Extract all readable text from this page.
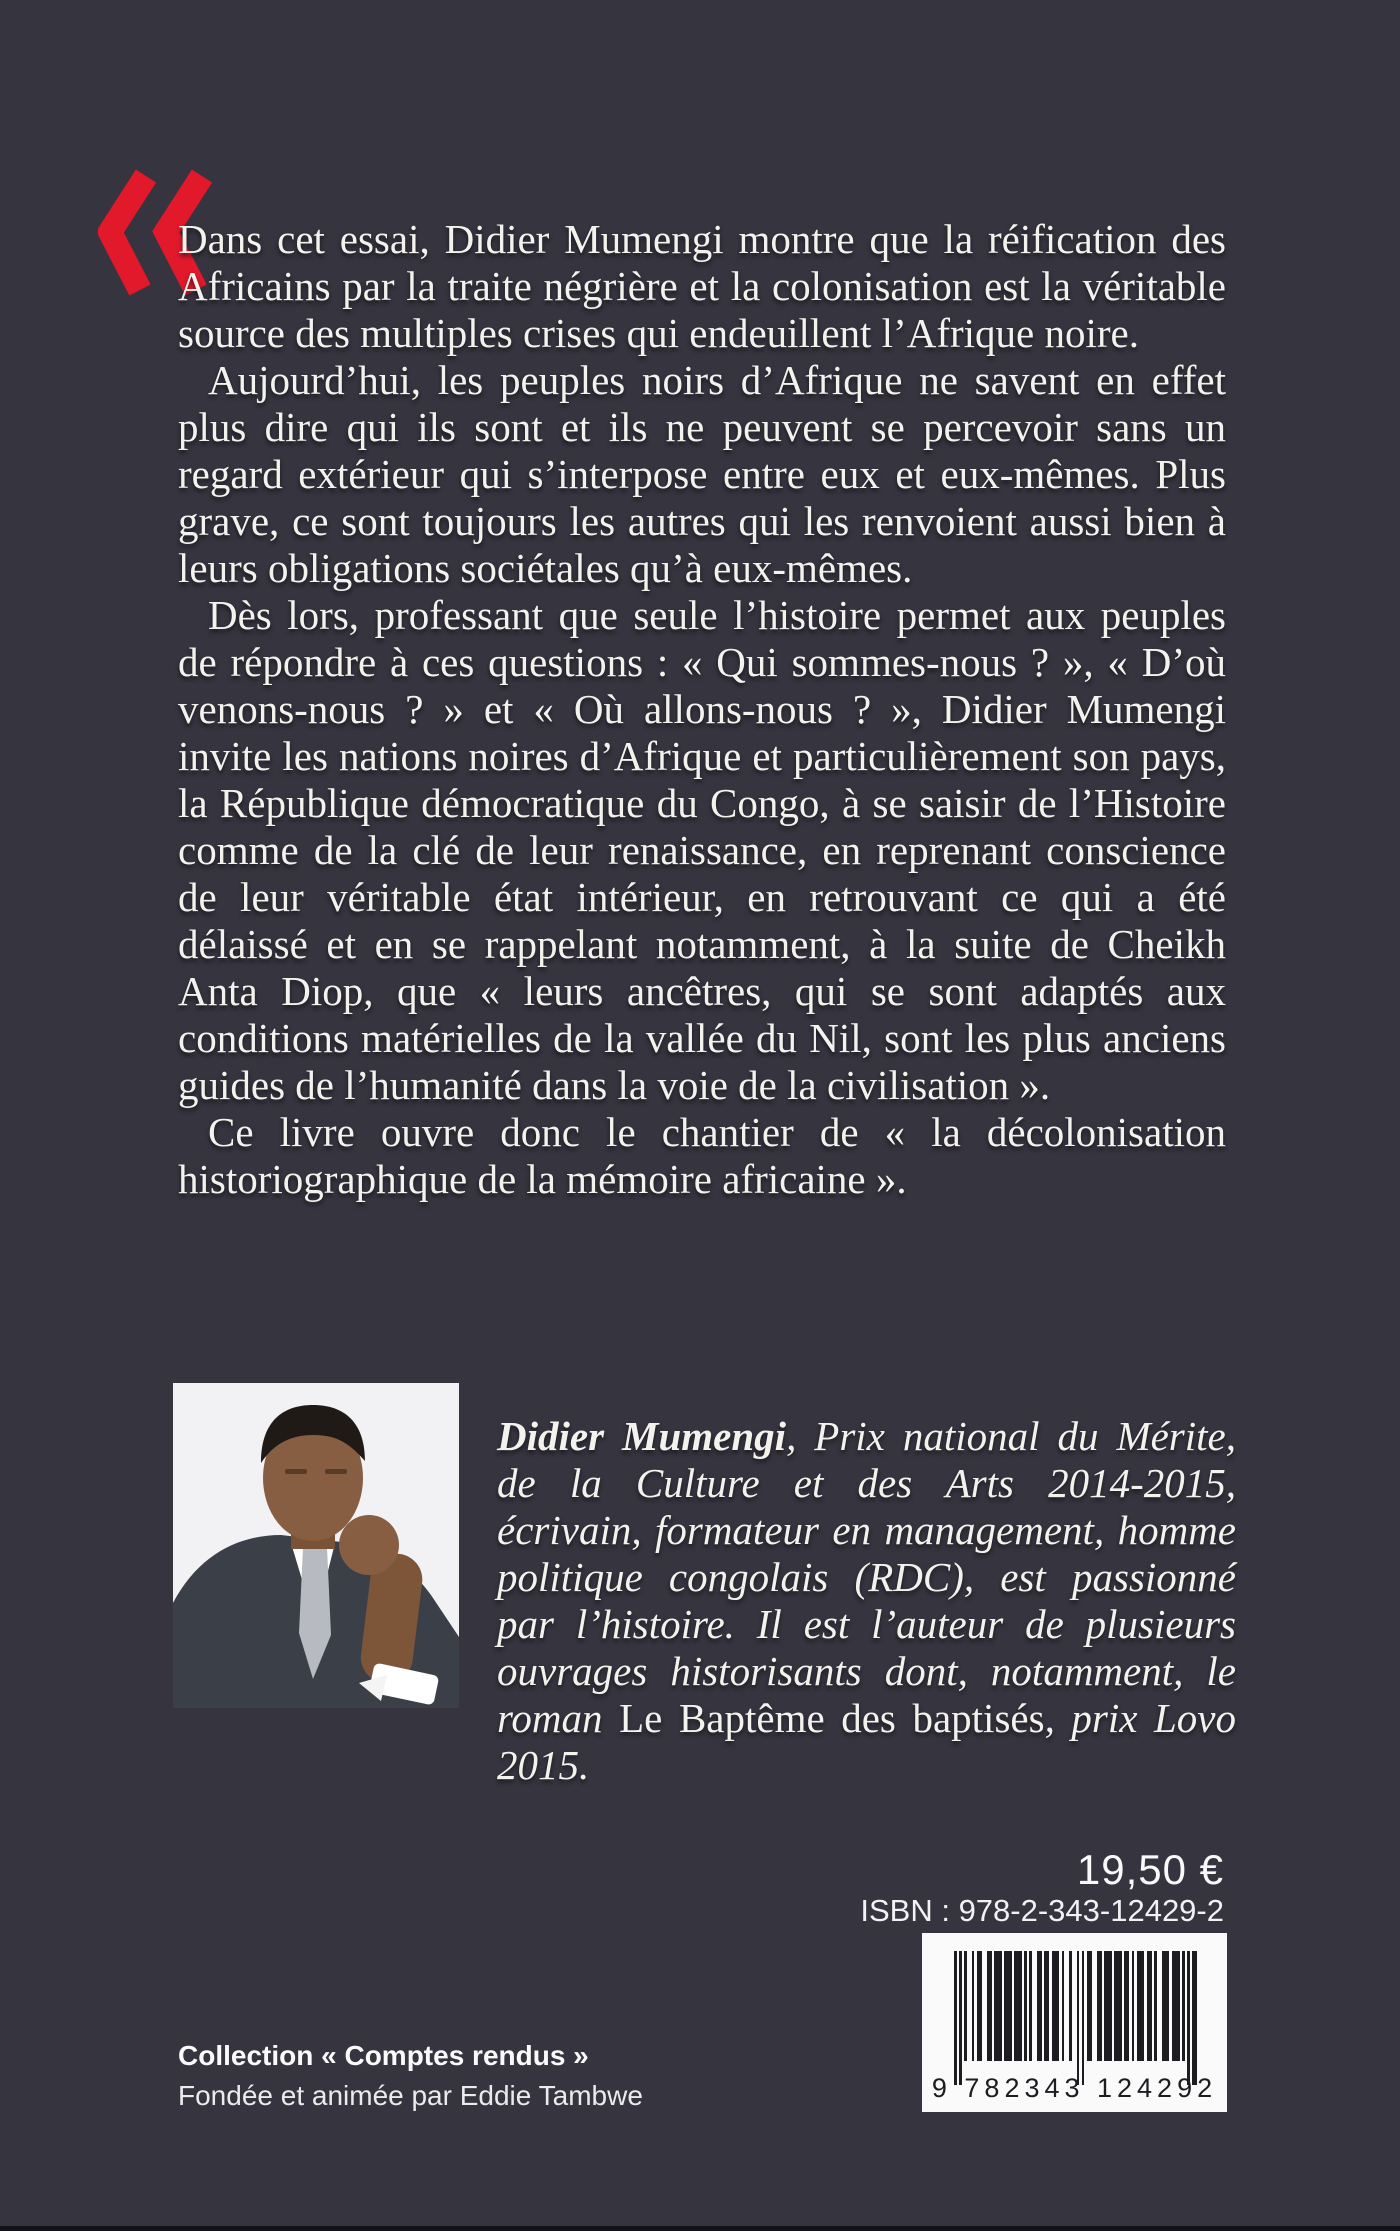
Dans cet essai, Didier Mumengi montre que la réification des Africains par la traite négrière et la colonisation est la véritable source des multiples crises qui endeuillent l’Afrique noire.

Aujourd’hui, les peuples noirs d’Afrique ne savent en effet plus dire qui ils sont et ils ne peuvent se percevoir sans un regard extérieur qui s’interpose entre eux et eux-mêmes. Plus grave, ce sont toujours les autres qui les renvoient aussi bien à leurs obligations sociétales qu’à eux-mêmes.

Dès lors, professant que seule l’histoire permet aux peuples de répondre à ces questions : « Qui sommes-nous ? », « D’où venons-nous ? » et « Où allons-nous ? », Didier Mumengi invite les nations noires d’Afrique et particulièrement son pays, la République démocratique du Congo, à se saisir de l’Histoire comme de la clé de leur renaissance, en reprenant conscience de leur véritable état intérieur, en retrouvant ce qui a été délaissé et en se rappelant notamment, à la suite de Cheikh Anta Diop, que « leurs ancêtres, qui se sont adaptés aux conditions matérielles de la vallée du Nil, sont les plus anciens guides de l’humanité dans la voie de la civilisation ».

Ce livre ouvre donc le chantier de « la décolonisation historiographique de la mémoire africaine ».

Didier Mumengi, Prix national du Mérite, de la Culture et des Arts 2014-2015, écrivain, formateur en management, homme politique congolais (RDC), est passionné par l’histoire. Il est l’auteur de plusieurs ouvrages historisants dont, notamment, le roman Le Baptême des baptisés, prix Lovo 2015.

19,50 €
ISBN : 978-2-343-12429-2
9 782343 124292

Collection « Comptes rendus »

Fondée et animée par Eddie Tambwe
